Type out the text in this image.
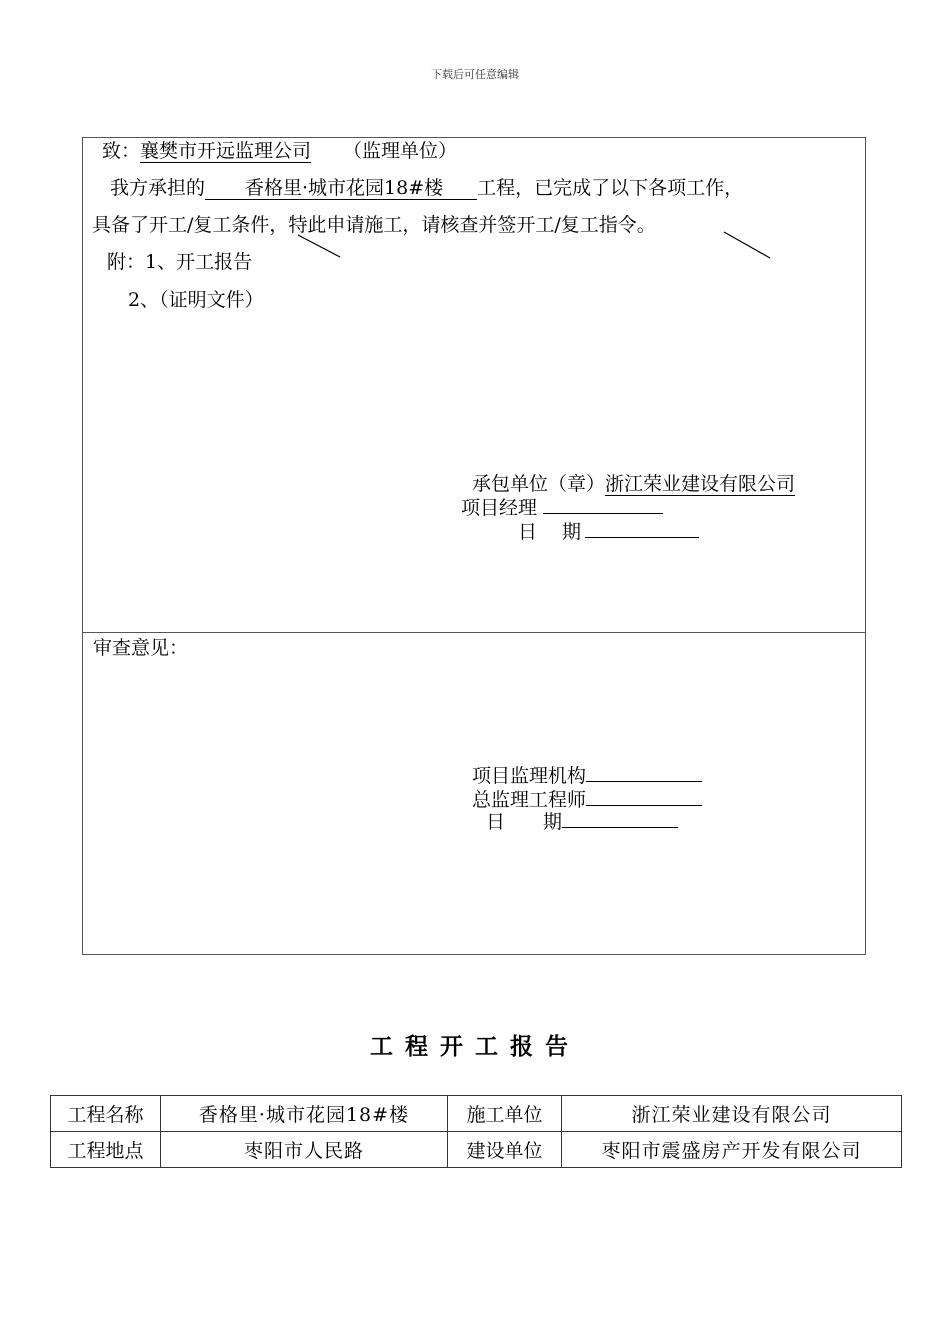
下载后可任意编辑
致：襄樊市开远监理公司 （监理单位）
我方承担的 香格里·城市花园18#楼 工程，已完成了以下各项工作，
具备了开工/复工条件，特此申请施工，请核查并签开工/复工指令。
附：1、开工报告
2、（证明文件）
承包单位（章）浙江荣业建设有限公司
项目经理
日　 期
审查意见：
项目监理机构
总监理工程师
日　　期
工程开工报告
工程名称	香格里·城市花园18#楼	施工单位	浙江荣业建设有限公司
工程地点	枣阳市人民路	建设单位	枣阳市震盛房产开发有限公司
